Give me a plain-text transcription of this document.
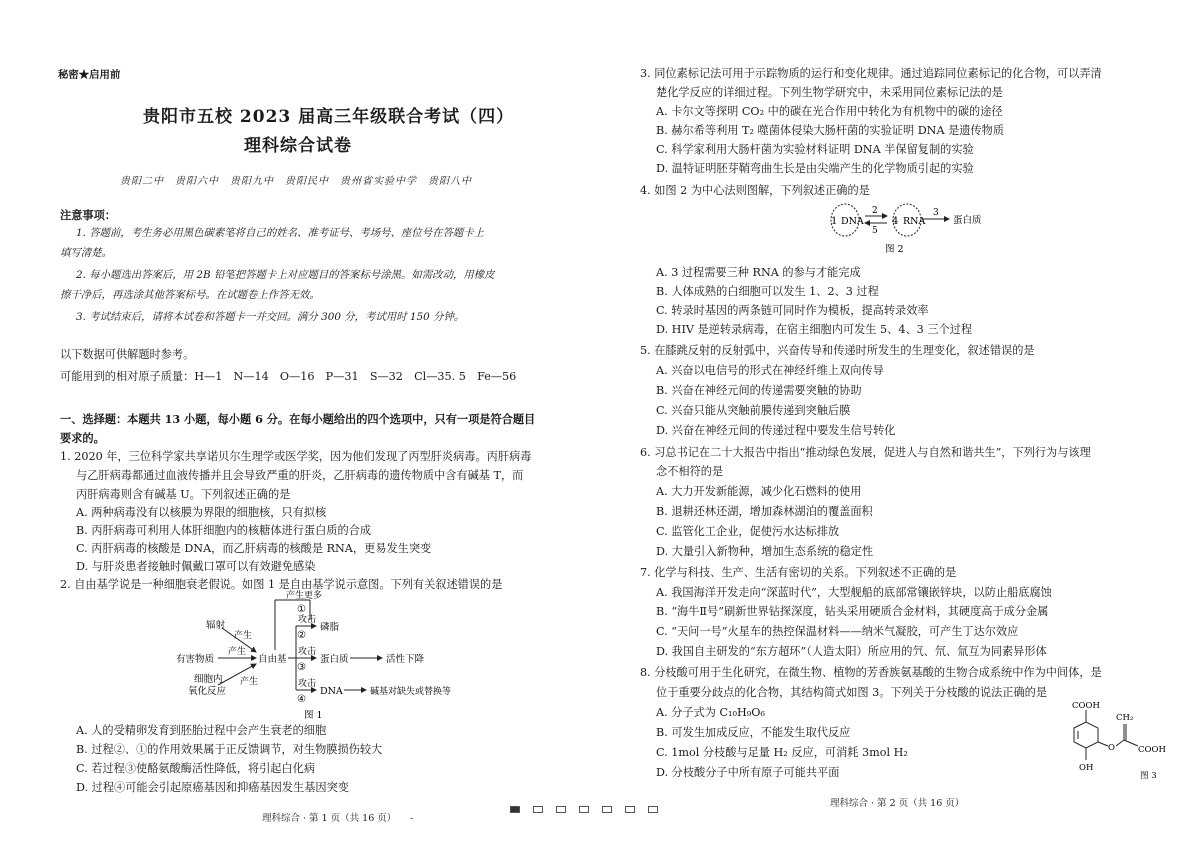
秘密★启用前
贵阳市五校 2023 届高三年级联合考试（四）
理科综合试卷
贵阳二中　贵阳六中　贵阳九中　贵阳民中　贵州省实验中学　贵阳八中
注意事项：
1. 答题前，考生务必用黑色碳素笔将自己的姓名、准考证号、考场号、座位号在答题卡上
填写清楚。
2. 每小题选出答案后，用 2B 铅笔把答题卡上对应题目的答案标号涂黑。如需改动，用橡皮
擦干净后，再选涂其他答案标号。在试题卷上作答无效。
3. 考试结束后，请将本试卷和答题卡一并交回。满分 300 分，考试用时 150 分钟。
以下数据可供解题时参考。
可能用到的相对原子质量：H—1　N—14　O—16　P—31　S—32　Cl—35. 5　Fe—56
一、选择题：本题共 13 小题，每小题 6 分。在每小题给出的四个选项中，只有一项是符合题目
要求的。
1. 2020 年，三位科学家共享诺贝尔生理学或医学奖，因为他们发现了丙型肝炎病毒。丙肝病毒
与乙肝病毒都通过血液传播并且会导致严重的肝炎，乙肝病毒的遗传物质中含有碱基 T，而
丙肝病毒则含有碱基 U。下列叙述正确的是
A. 两种病毒没有以核膜为界限的细胞核，只有拟核
B. 丙肝病毒可利用人体肝细胞内的核糖体进行蛋白质的合成
C. 丙肝病毒的核酸是 DNA，而乙肝病毒的核酸是 RNA，更易发生突变
D. 与肝炎患者接触时佩戴口罩可以有效避免感染
2. 自由基学说是一种细胞衰老假说。如图 1 是自由基学说示意图。下列有关叙述错误的是
辐射
产生
有害物质
产生
细胞内
氧化反应
产生
自由基
产生更多
①
攻击
②
磷脂
攻击
③
蛋白质	活性下降
攻击
④
DNA	碱基对缺失或替换等
图 1
A. 人的受精卵发育到胚胎过程中会产生衰老的细胞
B. 过程②、①的作用效果属于正反馈调节，对生物膜损伤较大
C. 若过程③使酪氨酸酶活性降低，将引起白化病
D. 过程④可能会引起原癌基因和抑癌基因发生基因突变
理科综合 · 第 1 页（共 16 页） -
3. 同位素标记法可用于示踪物质的运行和变化规律。通过追踪同位素标记的化合物，可以弄清
楚化学反应的详细过程。下列生物学研究中，未采用同位素标记法的是
A. 卡尔文等探明 CO₂ 中的碳在光合作用中转化为有机物中的碳的途径
B. 赫尔希等利用 T₂ 噬菌体侵染大肠杆菌的实验证明 DNA 是遗传物质
C. 科学家利用大肠杆菌为实验材料证明 DNA 半保留复制的实验
D. 温特证明胚芽鞘弯曲生长是由尖端产生的化学物质引起的实验
4. 如图 2 为中心法则图解，下列叙述正确的是
1 DNA
2
5
4 RNA
3
蛋白质
图 2
A. 3 过程需要三种 RNA 的参与才能完成
B. 人体成熟的白细胞可以发生 1、2、3 过程
C. 转录时基因的两条链可同时作为模板，提高转录效率
D. HIV 是逆转录病毒，在宿主细胞内可发生 5、4、3 三个过程
5. 在膝跳反射的反射弧中，兴奋传导和传递时所发生的生理变化，叙述错误的是
A. 兴奋以电信号的形式在神经纤维上双向传导
B. 兴奋在神经元间的传递需要突触的协助
C. 兴奋只能从突触前膜传递到突触后膜
D. 兴奋在神经元间的传递过程中要发生信号转化
6. 习总书记在二十大报告中指出“推动绿色发展，促进人与自然和谐共生”，下列行为与该理
念不相符的是
A. 大力开发新能源，减少化石燃料的使用
B. 退耕还林还湖，增加森林湖泊的覆盖面积
C. 监管化工企业，促使污水达标排放
D. 大量引入新物种，增加生态系统的稳定性
7. 化学与科技、生产、生活有密切的关系。下列叙述不正确的是
A. 我国海洋开发走向“深蓝时代”，大型舰船的底部常镶嵌锌块，以防止船底腐蚀
B. “海牛Ⅱ号”刷新世界钻探深度，钻头采用硬质合金材料，其硬度高于成分金属
C. “天问一号”火星车的热控保温材料——纳米气凝胶，可产生丁达尔效应
D. 我国自主研发的“东方超环”（人造太阳）所应用的氕、氘、氚互为同素异形体
8. 分枝酸可用于生化研究，在微生物、植物的芳香族氨基酸的生物合成系统中作为中间体，是
位于重要分歧点的化合物，其结构简式如图 3。下列关于分枝酸的说法正确的是
A. 分子式为 C₁₀H₉O₆
B. 可发生加成反应，不能发生取代反应
C. 1mol 分枝酸与足量 H₂ 反应，可消耗 3mol H₂
D. 分枝酸分子中所有原子可能共平面
COOH
CH₂
O	COOH
OH
图 3
理科综合 · 第 2 页（共 16 页）
